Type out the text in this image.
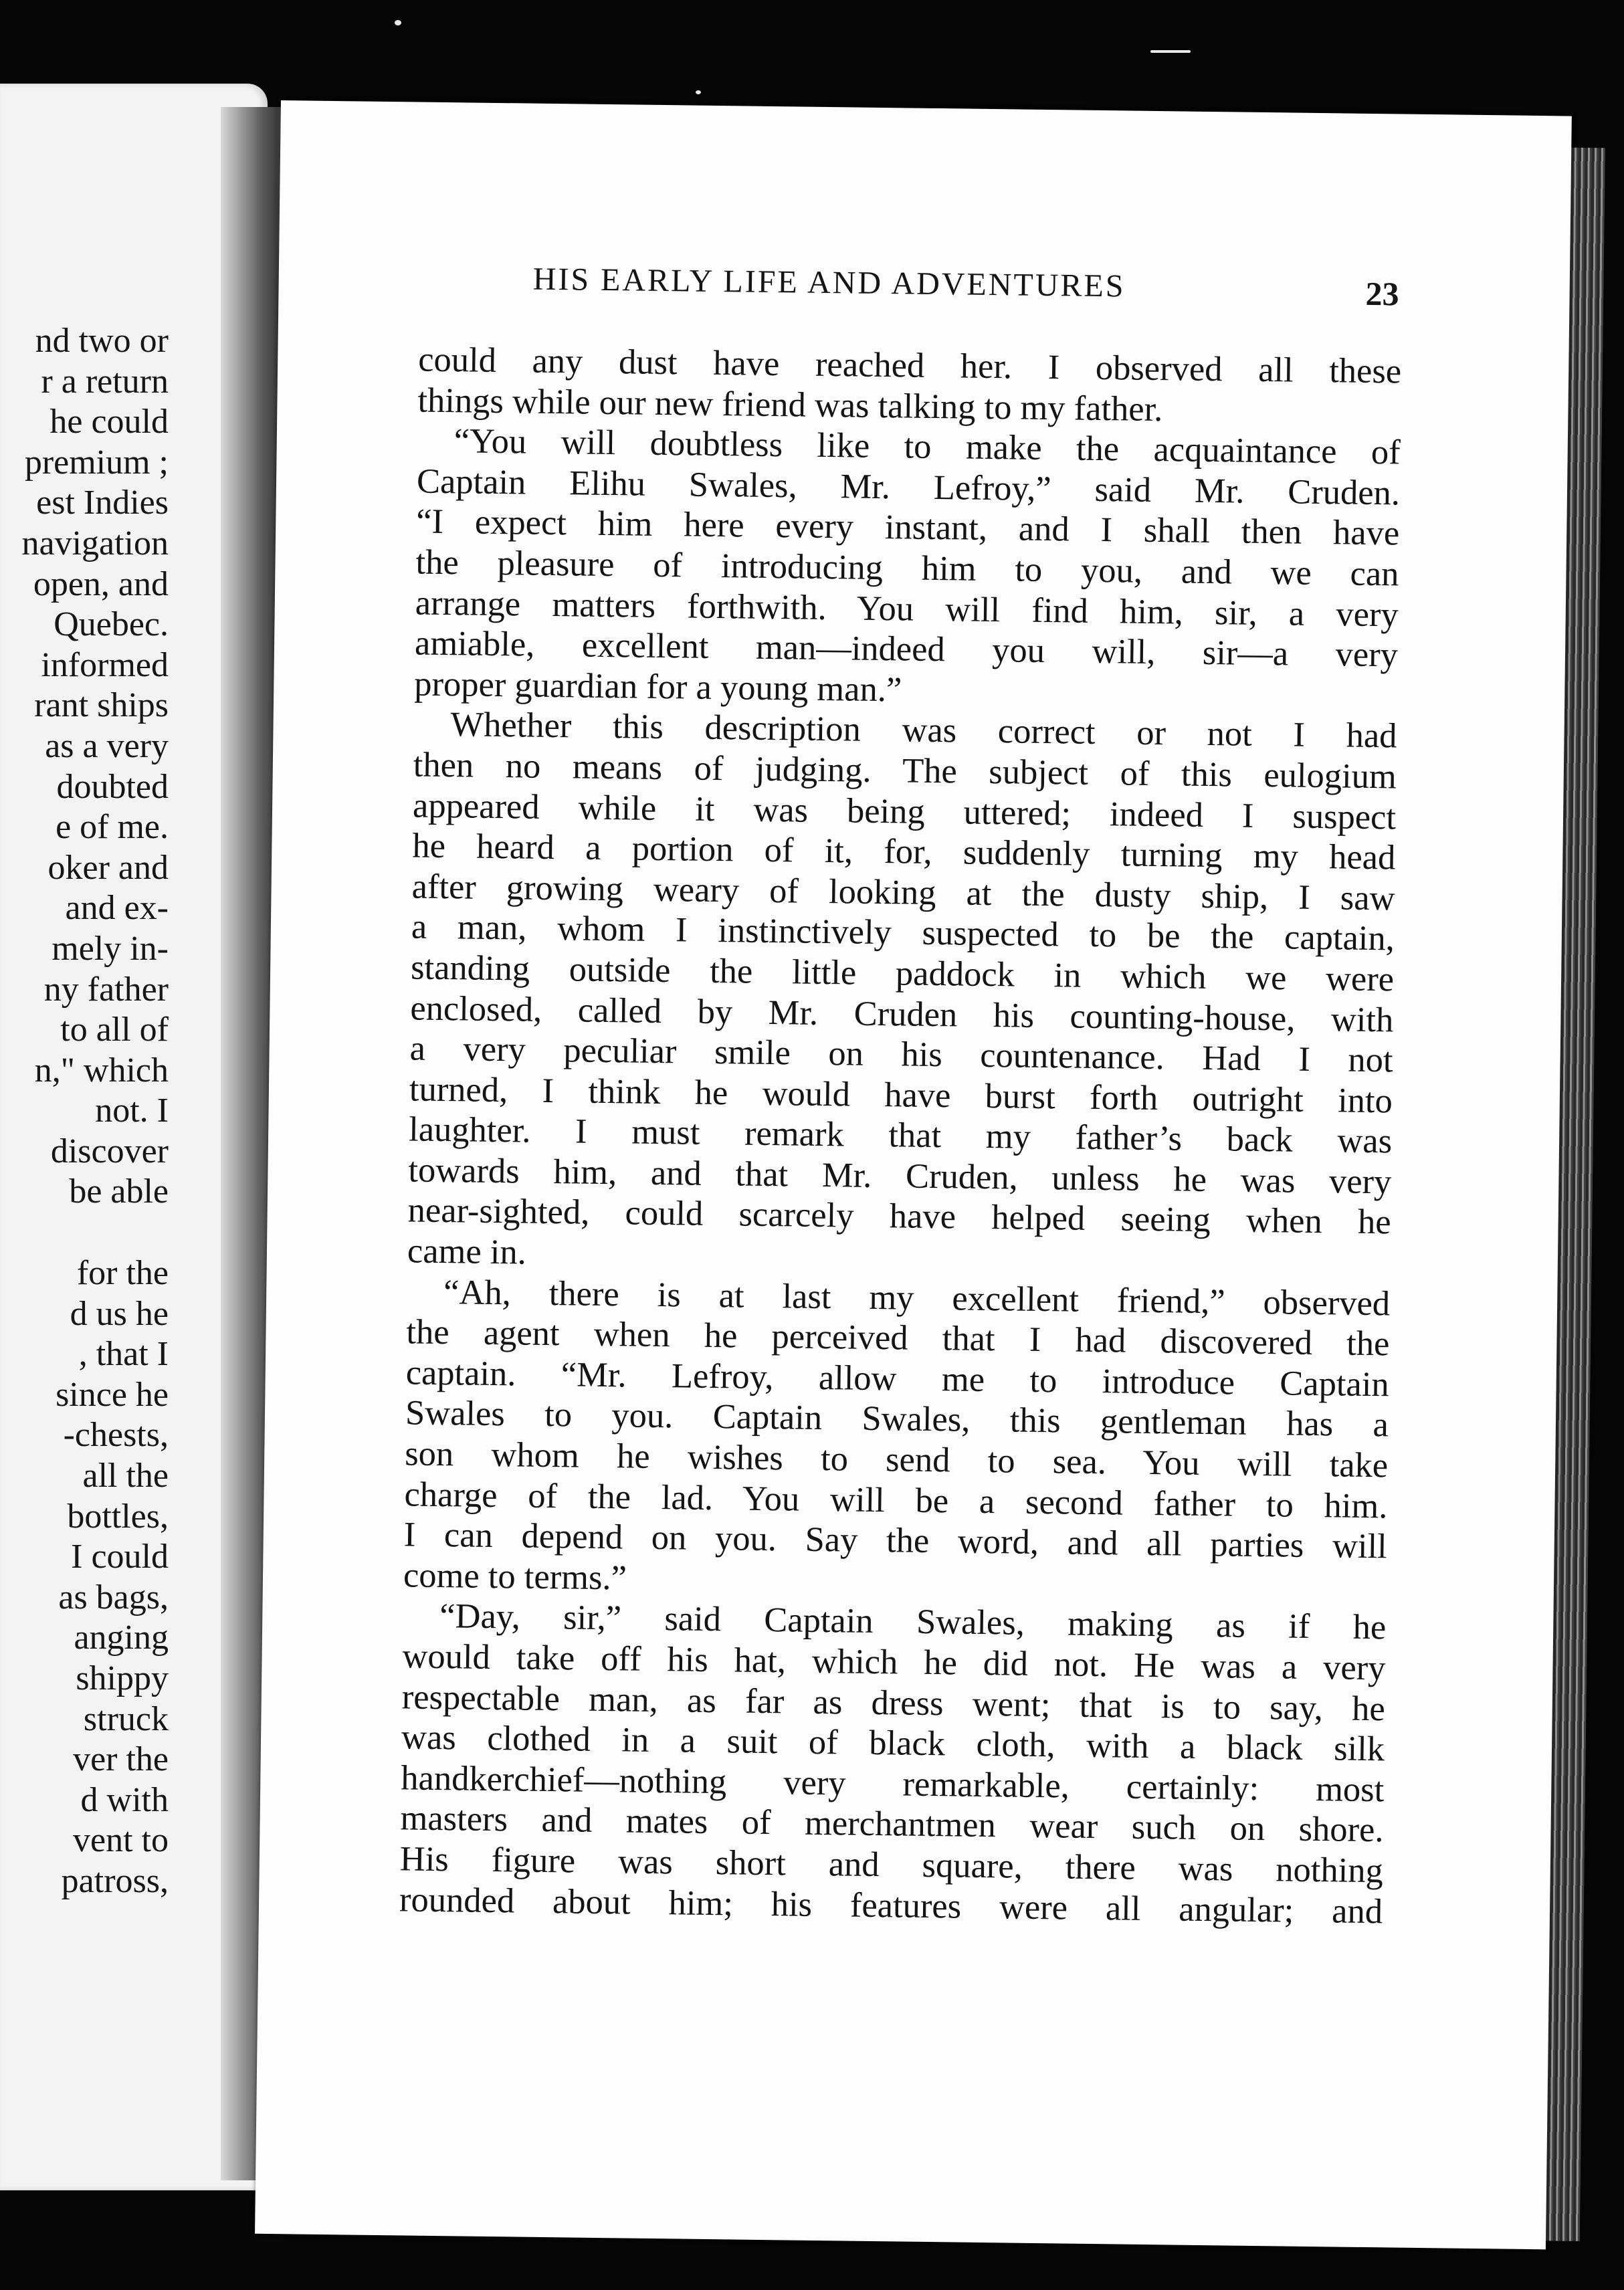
nd two or
r a return
he could
premium ;
est Indies
navigation
open, and
Quebec.
informed
rant ships
as a very
doubted
e of me.
oker and
and ex-
mely in-
ny father
to all of
n," which
not. I
discover
be able
for the
d us he
, that I
since he
-chests,
all the
bottles,
I could
as bags,
anging
shippy
struck
ver the
d with
vent to
patross,
HIS EARLY LIFE AND ADVENTURES	23
could any dust have reached her. I observed all these
things while our new friend was talking to my father.
“You will doubtless like to make the acquaintance of
Captain Elihu Swales, Mr. Lefroy,” said Mr. Cruden.
“I expect him here every instant, and I shall then have
the pleasure of introducing him to you, and we can
arrange matters forthwith. You will find him, sir, a very
amiable, excellent man—indeed you will, sir—a very
proper guardian for a young man.”
Whether this description was correct or not I had
then no means of judging. The subject of this eulogium
appeared while it was being uttered; indeed I suspect
he heard a portion of it, for, suddenly turning my head
after growing weary of looking at the dusty ship, I saw
a man, whom I instinctively suspected to be the captain,
standing outside the little paddock in which we were
enclosed, called by Mr. Cruden his counting-house, with
a very peculiar smile on his countenance. Had I not
turned, I think he would have burst forth outright into
laughter. I must remark that my father’s back was
towards him, and that Mr. Cruden, unless he was very
near-sighted, could scarcely have helped seeing when he
came in.
“Ah, there is at last my excellent friend,” observed
the agent when he perceived that I had discovered the
captain. “Mr. Lefroy, allow me to introduce Captain
Swales to you. Captain Swales, this gentleman has a
son whom he wishes to send to sea. You will take
charge of the lad. You will be a second father to him.
I can depend on you. Say the word, and all parties will
come to terms.”
“Day, sir,” said Captain Swales, making as if he
would take off his hat, which he did not. He was a very
respectable man, as far as dress went; that is to say, he
was clothed in a suit of black cloth, with a black silk
handkerchief—nothing very remarkable, certainly: most
masters and mates of merchantmen wear such on shore.
His figure was short and square, there was nothing
rounded about him; his features were all angular; and
